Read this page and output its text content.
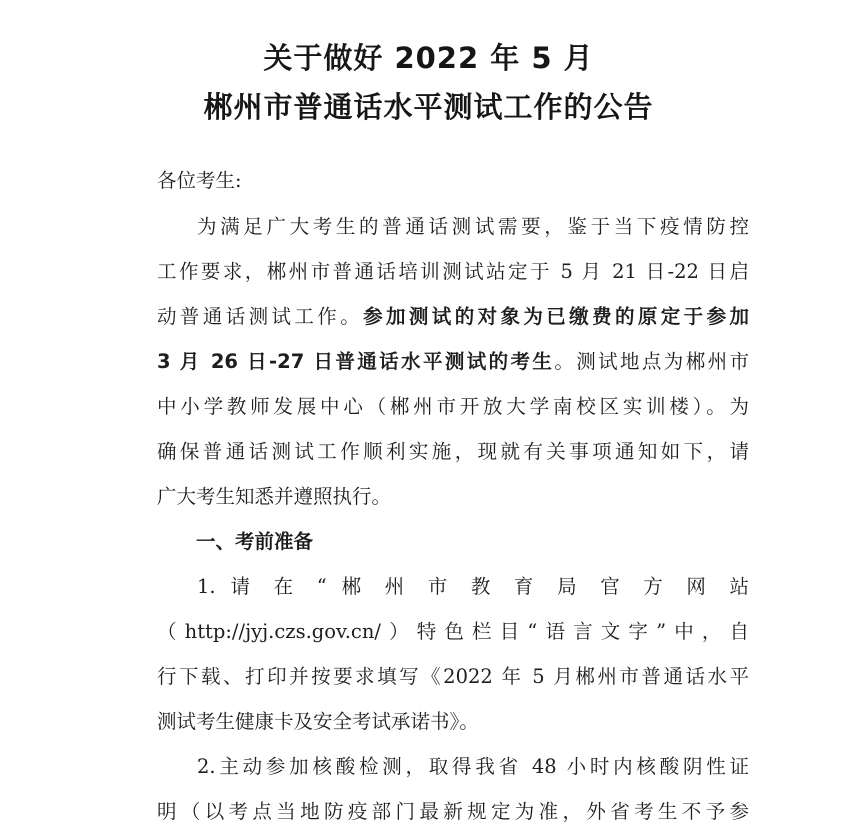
关于做好 2022 年 5 月
郴州市普通话水平测试工作的公告
各位考生:
为满足广大考生的普通话测试需要，鉴于当下疫情防控
工作要求，郴州市普通话培训测试站定于 5 月 21 日-22 日启
动普通话测试工作。参加测试的对象为已缴费的原定于参加
3 月 26 日-27 日普通话水平测试的考生。测试地点为郴州市
中小学教师发展中心（郴州市开放大学南校区实训楼）。为
确保普通话测试工作顺利实施，现就有关事项通知如下，请
广大考生知悉并遵照执行。
一、考前准备
1. 请 在 “ 郴 州 市 教 育 局 官 方 网 站
（http://jyj.czs.gov.cn/）特色栏目“语言文字”中，自
行下载、打印并按要求填写《2022 年 5 月郴州市普通话水平
测试考生健康卡及安全考试承诺书》。
2.主动参加核酸检测，取得我省 48 小时内核酸阴性证
明（以考点当地防疫部门最新规定为准，外省考生不予参
